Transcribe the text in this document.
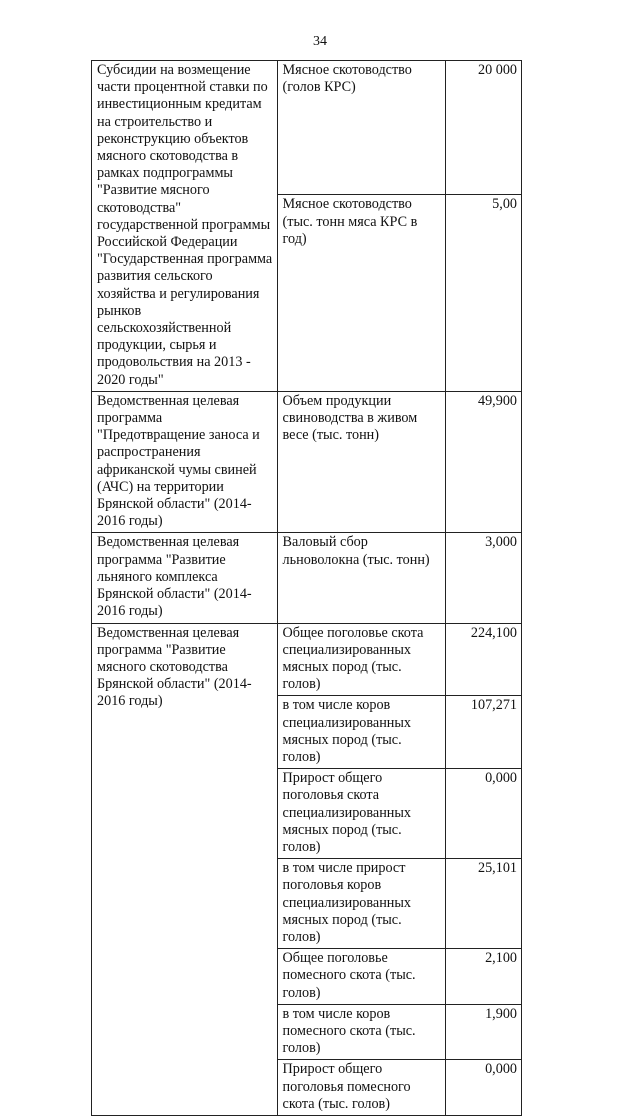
34
Субсидии на возмещение части процентной ставки по инвестиционным кредитам на строительство и реконструкцию объектов мясного скотоводства в рамках подпрограммы "Развитие мясного скотоводства" государственной программы Российской Федерации "Государственная программа развития сельского хозяйства и регулирования рынков сельскохозяйственной продукции, сырья и продовольствия на 2013 - 2020 годы"	Мясное скотоводство (голов КРС)	20 000
	Мясное скотоводство (тыс. тонн мяса КРС в год)	5,00
Ведомственная целевая программа "Предотвращение заноса и распространения африканской чумы свиней (АЧС) на территории Брянской области" (2014-2016 годы)	Объем продукции свиноводства в живом весе (тыс. тонн)	49,900
Ведомственная целевая программа "Развитие льняного комплекса Брянской области" (2014-2016 годы)	Валовый сбор льноволокна (тыс. тонн)	3,000
Ведомственная целевая программа "Развитие мясного скотоводства Брянской области" (2014-2016 годы)	Общее поголовье скота специализированных мясных пород (тыс. голов)	224,100
	в том числе коров специализированных мясных пород (тыс. голов)	107,271
	Прирост общего поголовья скота специализированных мясных пород (тыс. голов)	0,000
	в том числе прирост поголовья коров специализированных мясных пород (тыс. голов)	25,101
	Общее поголовье помесного скота (тыс. голов)	2,100
	в том числе коров помесного скота (тыс. голов)	1,900
	Прирост общего поголовья помесного скота (тыс. голов)	0,000
